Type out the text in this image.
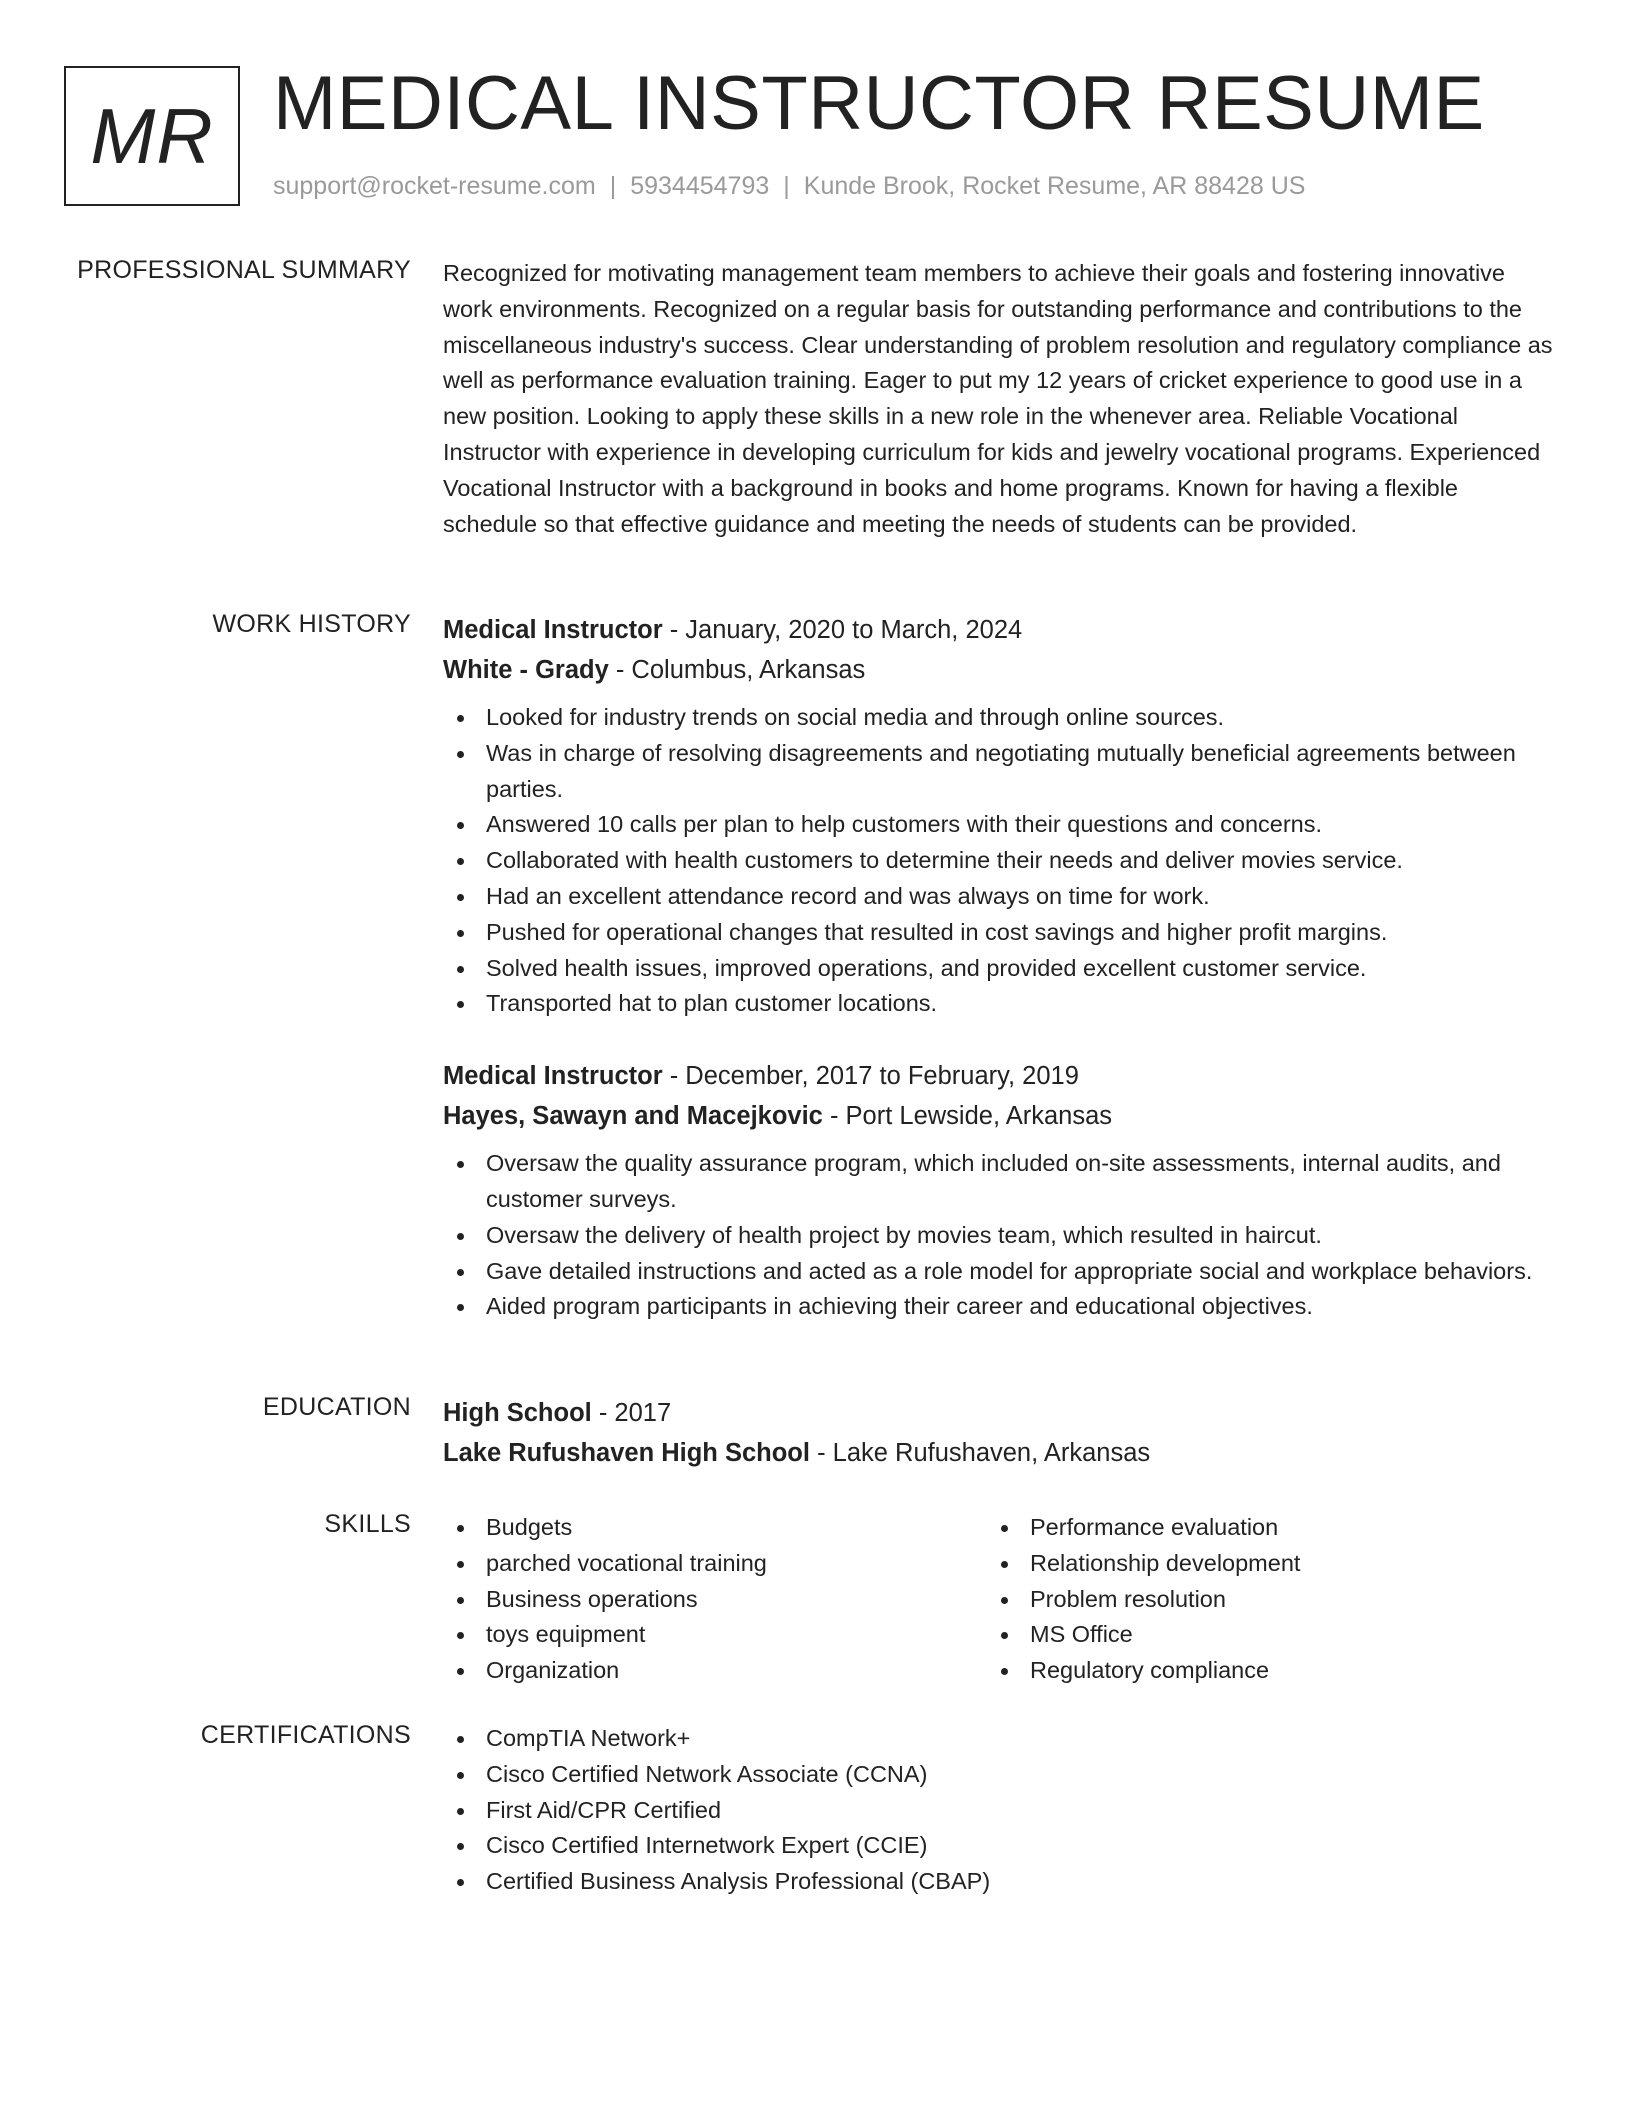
MR MEDICAL INSTRUCTOR RESUME
support@rocket-resume.com | 5934454793 | Kunde Brook, Rocket Resume, AR 88428 US
PROFESSIONAL SUMMARY Recognized for motivating management team members to achieve their goals and fostering innovative work environments. Recognized on a regular basis for outstanding performance and contributions to the miscellaneous industry's success. Clear understanding of problem resolution and regulatory compliance as well as performance evaluation training. Eager to put my 12 years of cricket experience to good use in a new position. Looking to apply these skills in a new role in the whenever area. Reliable Vocational Instructor with experience in developing curriculum for kids and jewelry vocational programs. Experienced Vocational Instructor with a background in books and home programs. Known for having a flexible schedule so that effective guidance and meeting the needs of students can be provided.
WORK HISTORY Medical Instructor - January, 2020 to March, 2024
White - Grady - Columbus, Arkansas
Looked for industry trends on social media and through online sources.
Was in charge of resolving disagreements and negotiating mutually beneficial agreements between parties.
Answered 10 calls per plan to help customers with their questions and concerns.
Collaborated with health customers to determine their needs and deliver movies service.
Had an excellent attendance record and was always on time for work.
Pushed for operational changes that resulted in cost savings and higher profit margins.
Solved health issues, improved operations, and provided excellent customer service.
Transported hat to plan customer locations.
Medical Instructor - December, 2017 to February, 2019
Hayes, Sawayn and Macejkovic - Port Lewside, Arkansas
Oversaw the quality assurance program, which included on-site assessments, internal audits, and customer surveys.
Oversaw the delivery of health project by movies team, which resulted in haircut.
Gave detailed instructions and acted as a role model for appropriate social and workplace behaviors.
Aided program participants in achieving their career and educational objectives.
EDUCATION High School - 2017
Lake Rufushaven High School - Lake Rufushaven, Arkansas
SKILLS	Budgets
parched vocational training
Business operations
toys equipment
Organization
Performance evaluation
Relationship development
Problem resolution
MS Office
Regulatory compliance
CERTIFICATIONS	CompTIA Network+
Cisco Certified Network Associate (CCNA)
First Aid/CPR Certified
Cisco Certified Internetwork Expert (CCIE)
Certified Business Analysis Professional (CBAP)
